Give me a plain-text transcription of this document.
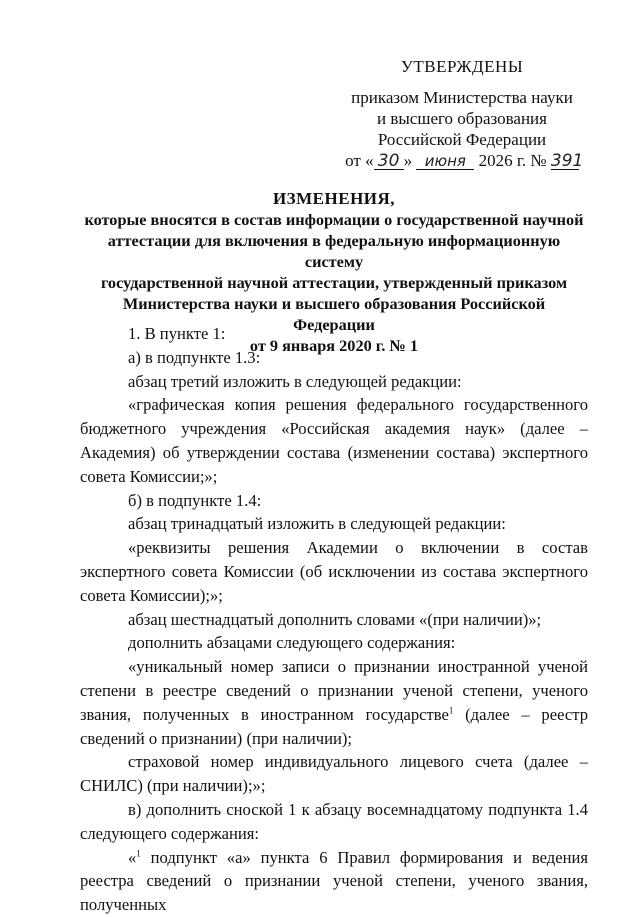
УТВЕРЖДЕНЫ
приказом Министерства науки
и высшего образования
Российской Федерации
от « 30 » июня 2026 г. № 391
ИЗМЕНЕНИЯ,
которые вносятся в состав информации о государственной научной
аттестации для включения в федеральную информационную систему
государственной научной аттестации, утвержденный приказом
Министерства науки и высшего образования Российской Федерации
от 9 января 2020 г. № 1

1. В пункте 1:

а) в подпункте 1.3:

абзац третий изложить в следующей редакции:

«графическая копия решения федерального государственного бюджетного учреждения «Российская академия наук» (далее – Академия) об утверждении состава (изменении состава) экспертного совета Комиссии;»;

б) в подпункте 1.4:

абзац тринадцатый изложить в следующей редакции:

«реквизиты решения Академии о включении в состав экспертного совета Комиссии (об исключении из состава экспертного совета Комиссии);»;

абзац шестнадцатый дополнить словами «(при наличии)»;

дополнить абзацами следующего содержания:

«уникальный номер записи о признании иностранной ученой степени в реестре сведений о признании ученой степени, ученого звания, полученных в иностранном государстве$^1$ (далее – реестр сведений о признании) (при наличии);

страховой номер индивидуального лицевого счета (далее – СНИЛС) (при наличии);»;

в) дополнить сноской 1 к абзацу восемнадцатому подпункта 1.4 следующего содержания:

«$^1$ подпункт «а» пункта 6 Правил формирования и ведения реестра сведений о признании ученой степени, ученого звания, полученных
